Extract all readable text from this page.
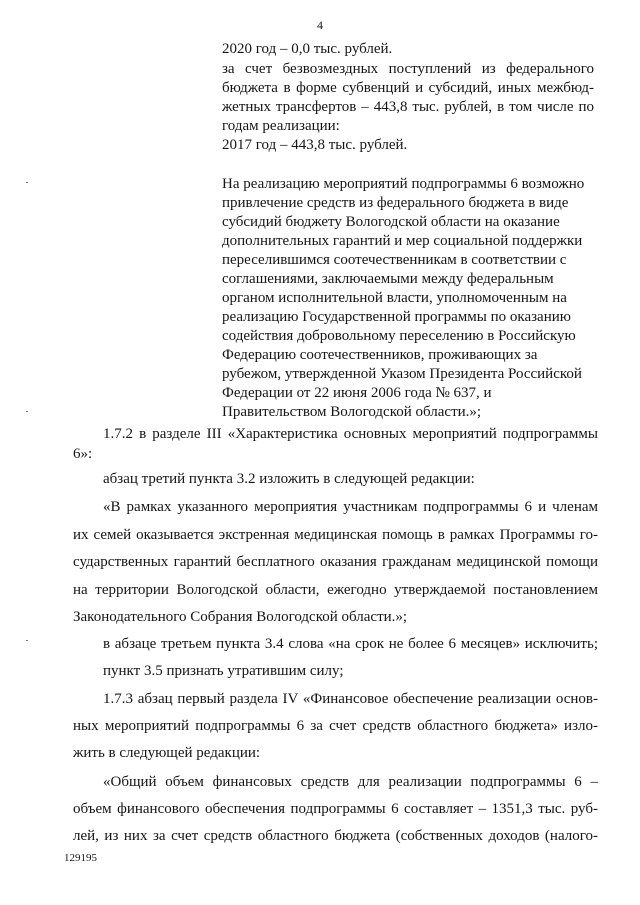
4
2020 год – 0,0 тыс. рублей.
за счет безвозмездных поступлений из федерального
бюджета в форме субвенций и субсидий, иных межбюд-
жетных трансфертов – 443,8 тыс. рублей, в том числе по
годам реализации:
2017 год – 443,8 тыс. рублей.
На реализацию мероприятий подпрограммы 6 возможно
привлечение средств из федерального бюджета в виде
субсидий бюджету Вологодской области на оказание
дополнительных гарантий и мер социальной поддержки
переселившимся соотечественникам в соответствии с
соглашениями, заключаемыми между федеральным
органом исполнительной власти, уполномоченным на
реализацию Государственной программы по оказанию
содействия добровольному переселению в Российскую
Федерацию соотечественников, проживающих за
рубежом, утвержденной Указом Президента Российской
Федерации от 22 июня 2006 года № 637, и
Правительством Вологодской области.»;
1.7.2 в разделе III «Характеристика основных мероприятий подпрограммы
6»:
абзац третий пункта 3.2 изложить в следующей редакции:
«В рамках указанного мероприятия участникам подпрограммы 6 и членам
их семей оказывается экстренная медицинская помощь в рамках Программы го-
сударственных гарантий бесплатного оказания гражданам медицинской помощи
на территории Вологодской области, ежегодно утверждаемой постановлением
Законодательного Собрания Вологодской области.»;
в абзаце третьем пункта 3.4 слова «на срок не более 6 месяцев» исключить;
пункт 3.5 признать утратившим силу;
1.7.3 абзац первый раздела IV «Финансовое обеспечение реализации основ-
ных мероприятий подпрограммы 6 за счет средств областного бюджета» изло-
жить в следующей редакции:
«Общий объем финансовых средств для реализации подпрограммы 6 –
объем финансового обеспечения подпрограммы 6 составляет – 1351,3 тыс. руб-
лей, из них за счет средств областного бюджета (собственных доходов (налого-
129195
